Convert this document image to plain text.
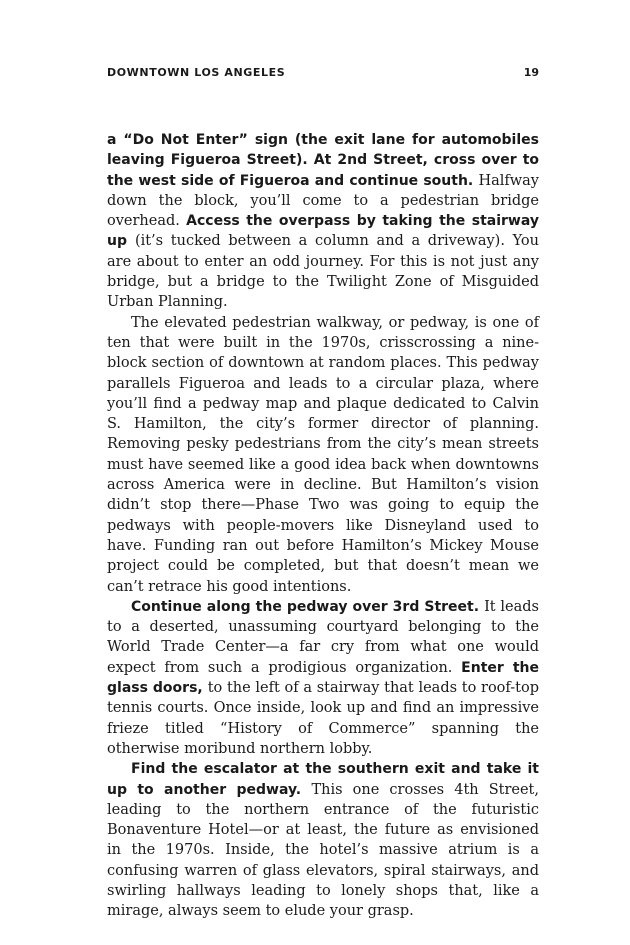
DOWNTOWN LOS ANGELES	19

a “Do Not Enter” sign (the exit lane for automobiles leaving Figueroa Street). At 2nd Street, cross over to the west side of Figueroa and continue south. Halfway down the block, you’ll come to a pedestrian bridge overhead. Access the overpass by taking the stairway up (it’s tucked between a column and a driveway). You are about to enter an odd journey. For this is not just any bridge, but a bridge to the Twilight Zone of Misguided Urban Planning.

The elevated pedestrian walkway, or pedway, is one of ten that were built in the 1970s, crisscrossing a nine-block section of downtown at random places. This pedway parallels Figueroa and leads to a circular plaza, where you’ll find a pedway map and plaque dedicated to Calvin S. Hamilton, the city’s former director of planning. Removing pesky pedestrians from the city’s mean streets must have seemed like a good idea back when downtowns across America were in decline. But Hamilton’s vision didn’t stop there—Phase Two was going to equip the pedways with people-movers like Disneyland used to have. Funding ran out before Hamilton’s Mickey Mouse project could be completed, but that doesn’t mean we can’t retrace his good intentions.

Continue along the pedway over 3rd Street. It leads to a deserted, unassuming courtyard belonging to the World Trade Center—a far cry from what one would expect from such a prodigious organization. Enter the glass doors, to the left of a stairway that leads to roof-top tennis courts. Once inside, look up and find an impressive frieze titled “History of Commerce” spanning the otherwise moribund northern lobby.

Find the escalator at the southern exit and take it up to another pedway. This one crosses 4th Street, leading to the northern entrance of the futuristic Bonaventure Hotel—or at least, the future as envisioned in the 1970s. Inside, the hotel’s massive atrium is a confusing warren of glass elevators, spiral stairways, and swirling hallways leading to lonely shops that, like a mirage, always seem to elude your grasp.
